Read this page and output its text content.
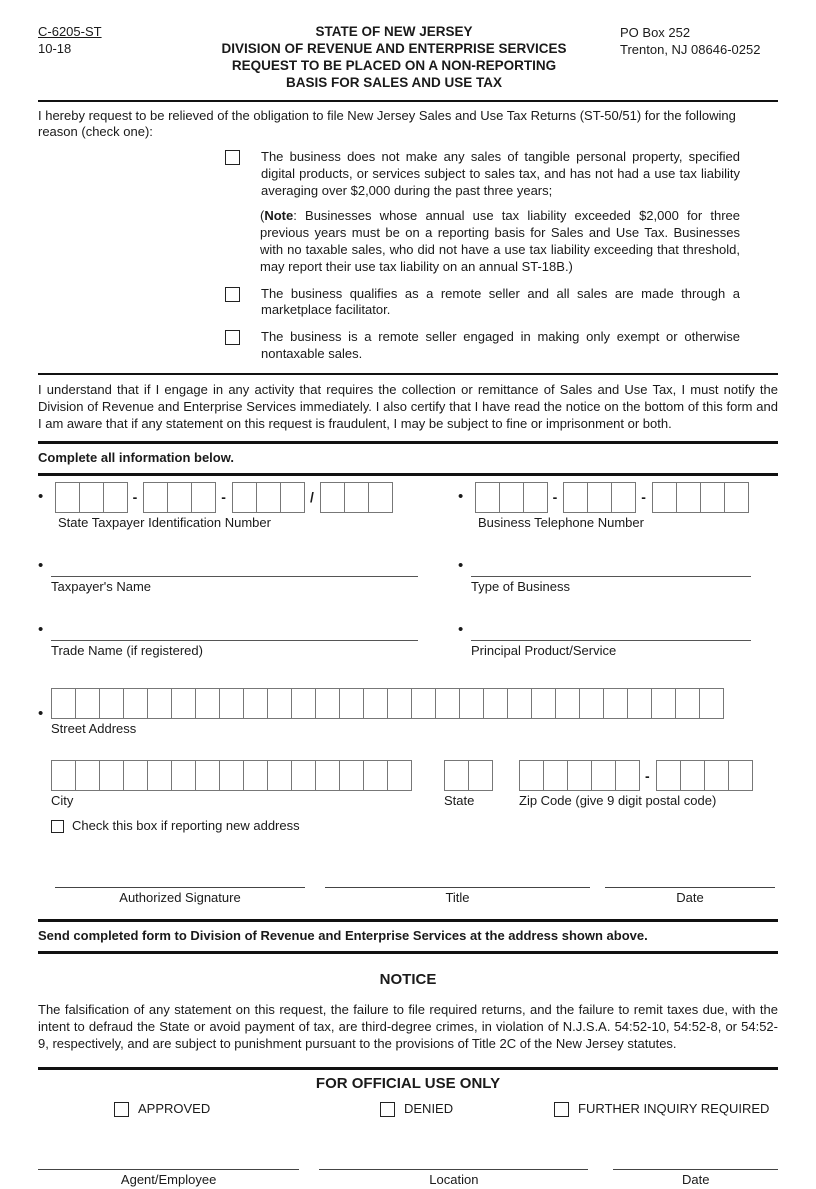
C-6205-ST
10-18
STATE OF NEW JERSEY
DIVISION OF REVENUE AND ENTERPRISE SERVICES
REQUEST TO BE PLACED ON A NON-REPORTING
BASIS FOR SALES AND USE TAX
PO Box 252
Trenton, NJ 08646-0252

I hereby request to be relieved of the obligation to file New Jersey Sales and Use Tax Returns (ST-50/51) for the following reason (check one):

The business does not make any sales of tangible personal property, specified digital products, or services subject to sales tax, and has not had a use tax liability averaging over $2,000 during the past three years;

(Note: Businesses whose annual use tax liability exceeded $2,000 for three previous years must be on a reporting basis for Sales and Use Tax. Businesses with no taxable sales, who did not have a use tax liability exceeding that threshold, may report their use tax liability on an annual ST-18B.)

The business qualifies as a remote seller and all sales are made through a marketplace facilitator.
The business is a remote seller engaged in making only exempt or otherwise nontaxable sales.

I understand that if I engage in any activity that requires the collection or remittance of Sales and Use Tax, I must notify the Division of Revenue and Enterprise Services immediately. I also certify that I have read the notice on the bottom of this form and I am aware that if any statement on this request is fraudulent, I may be subject to fine or imprisonment or both.

Complete all information below.
•	-	-	/
State Taxpayer Identification Number
•	-	-
Business Telephone Number
•
Taxpayer's Name
•
Type of Business
•
Trade Name (if registered)
•
Principal Product/Service
•
Street Address
City	State
-
Zip Code (give 9 digit postal code)
Check this box if reporting new address
Authorized Signature	Title	Date
Send completed form to Division of Revenue and Enterprise Services at the address shown above.
NOTICE

The falsification of any statement on this request, the failure to file required returns, and the failure to remit taxes due, with the intent to defraud the State or avoid payment of tax, are third-degree crimes, in violation of N.J.S.A. 54:52-10, 54:52-8, or 54:52-9, respectively, and are subject to punishment pursuant to the provisions of Title 2C of the New Jersey statutes.

FOR OFFICIAL USE ONLY
APPROVED	DENIED	FURTHER INQUIRY REQUIRED
Agent/Employee	Location	Date
